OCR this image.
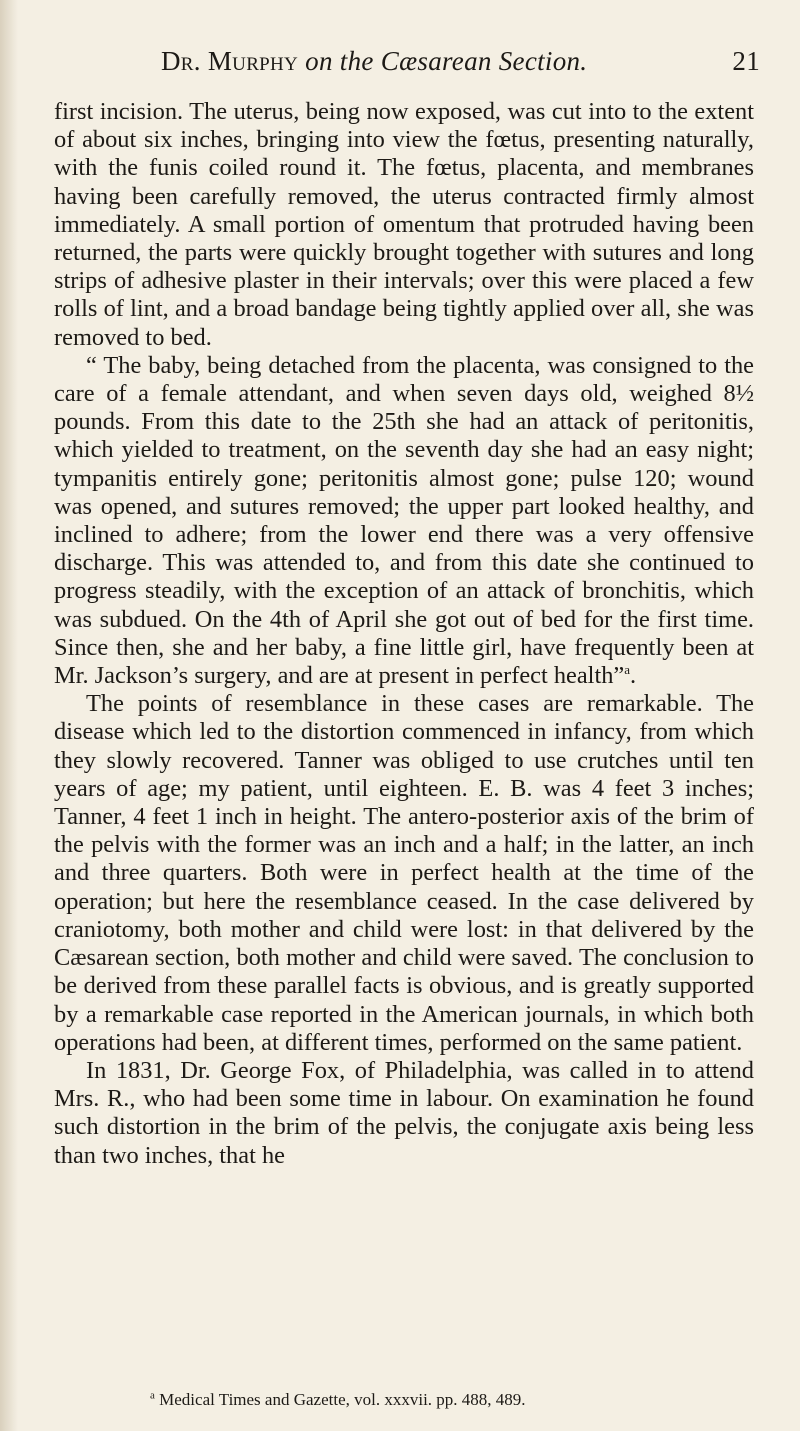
Dr. Murphy on the Cæsarean Section.	21

first incision. The uterus, being now exposed, was cut into to the extent of about six inches, bringing into view the fœtus, presenting naturally, with the funis coiled round it. The fœtus, placenta, and membranes having been carefully removed, the uterus contracted firmly almost immediately. A small portion of omentum that protruded having been returned, the parts were quickly brought together with sutures and long strips of adhesive plaster in their intervals; over this were placed a few rolls of lint, and a broad bandage being tightly applied over all, she was removed to bed.

“ The baby, being detached from the placenta, was consigned to the care of a female attendant, and when seven days old, weighed 8½ pounds. From this date to the 25th she had an attack of peritonitis, which yielded to treatment, on the seventh day she had an easy night; tympanitis entirely gone; peritonitis almost gone; pulse 120; wound was opened, and sutures removed; the upper part looked healthy, and inclined to adhere; from the lower end there was a very offensive discharge. This was attended to, and from this date she continued to progress steadily, with the exception of an attack of bronchitis, which was subdued. On the 4th of April she got out of bed for the first time. Since then, she and her baby, a fine little girl, have frequently been at Mr. Jackson’s surgery, and are at present in perfect health”$^a$.

The points of resemblance in these cases are remarkable. The disease which led to the distortion commenced in infancy, from which they slowly recovered. Tanner was obliged to use crutches until ten years of age; my patient, until eighteen. E. B. was 4 feet 3 inches; Tanner, 4 feet 1 inch in height. The antero-posterior axis of the brim of the pelvis with the former was an inch and a half; in the latter, an inch and three quarters. Both were in perfect health at the time of the operation; but here the resemblance ceased. In the case delivered by craniotomy, both mother and child were lost: in that delivered by the Cæsarean section, both mother and child were saved. The conclusion to be derived from these parallel facts is obvious, and is greatly supported by a remarkable case reported in the American journals, in which both operations had been, at different times, performed on the same patient.

In 1831, Dr. George Fox, of Philadelphia, was called in to attend Mrs. R., who had been some time in labour. On examination he found such distortion in the brim of the pelvis, the conjugate axis being less than two inches, that he

$^a$ Medical Times and Gazette, vol. xxxvii. pp. 488, 489.
